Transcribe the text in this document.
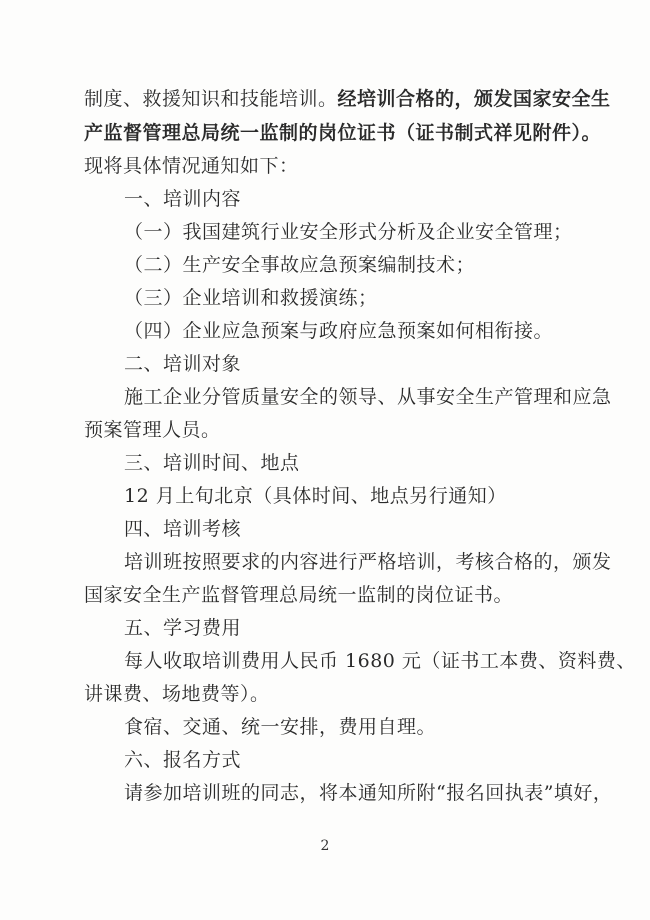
制度、救援知识和技能培训。经培训合格的，颁发国家安全生
产监督管理总局统一监制的岗位证书（证书制式祥见附件）。
现将具体情况通知如下：
一、培训内容
（一）我国建筑行业安全形式分析及企业安全管理；
（二）生产安全事故应急预案编制技术；
（三）企业培训和救援演练；
（四）企业应急预案与政府应急预案如何相衔接。
二、培训对象
施工企业分管质量安全的领导、从事安全生产管理和应急
预案管理人员。
三、培训时间、地点
12 月上旬北京（具体时间、地点另行通知）
四、培训考核
培训班按照要求的内容进行严格培训，考核合格的，颁发
国家安全生产监督管理总局统一监制的岗位证书。
五、学习费用
每人收取培训费用人民币 1680 元（证书工本费、资料费、
讲课费、场地费等）。
食宿、交通、统一安排，费用自理。
六、报名方式
请参加培训班的同志，将本通知所附“报名回执表”填好，
2
